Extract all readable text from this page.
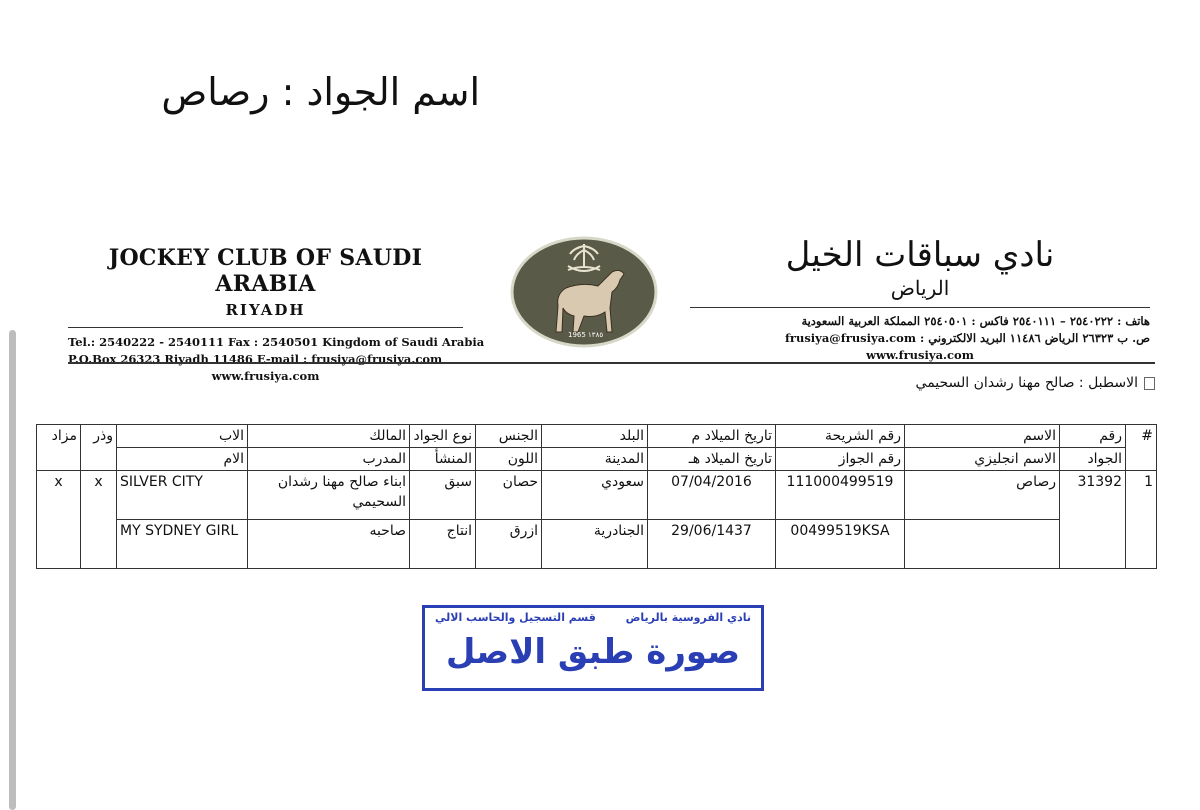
اسم الجواد : رصاص
JOCKEY CLUB OF SAUDI ARABIA
RIYADH
Tel.: 2540222 - 2540111 Fax : 2540501 Kingdom of Saudi Arabia
P.O.Box 26323 Riyadh 11486 E-mail : frusiya@frusiya.com
www.frusiya.com
1965 ١٣٨٥
نادي سباقات الخيل
الرياض
هاتف : ٢٥٤٠٢٢٢ – ٢٥٤٠١١١ فاكس : ٢٥٤٠٥٠١ المملكة العربية السعودية
ص. ب ٢٦٣٢٣ الرياض ١١٤٨٦ البريد الالكتروني : frusiya@frusiya.com
www.frusiya.com
الاسطبل : صالح مهنا رشدان السحيمي
#	رقم	الاسم	رقم الشريحة	تاريخ الميلاد م	البلد	الجنس	نوع الجواد	المالك	الاب	وذر	مزاد
	الجواد	الاسم انجليزي	رقم الجواز	تاريخ الميلاد هـ	المدينة	اللون	المنشأ	المدرب	الام		
1	31392	رصاص	111000499519	07/04/2016	سعودي	حصان	سبق	ابناء صالح مهنا رشدان السحيمي	SILVER CITY	x	x
			00499519KSA	29/06/1437	الجنادرية	ازرق	انتاج	صاحبه	MY SYDNEY GIRL		
نادي الفروسية بالرياض
قسم التسجيل والحاسب الالي
صورة طبق الاصل
